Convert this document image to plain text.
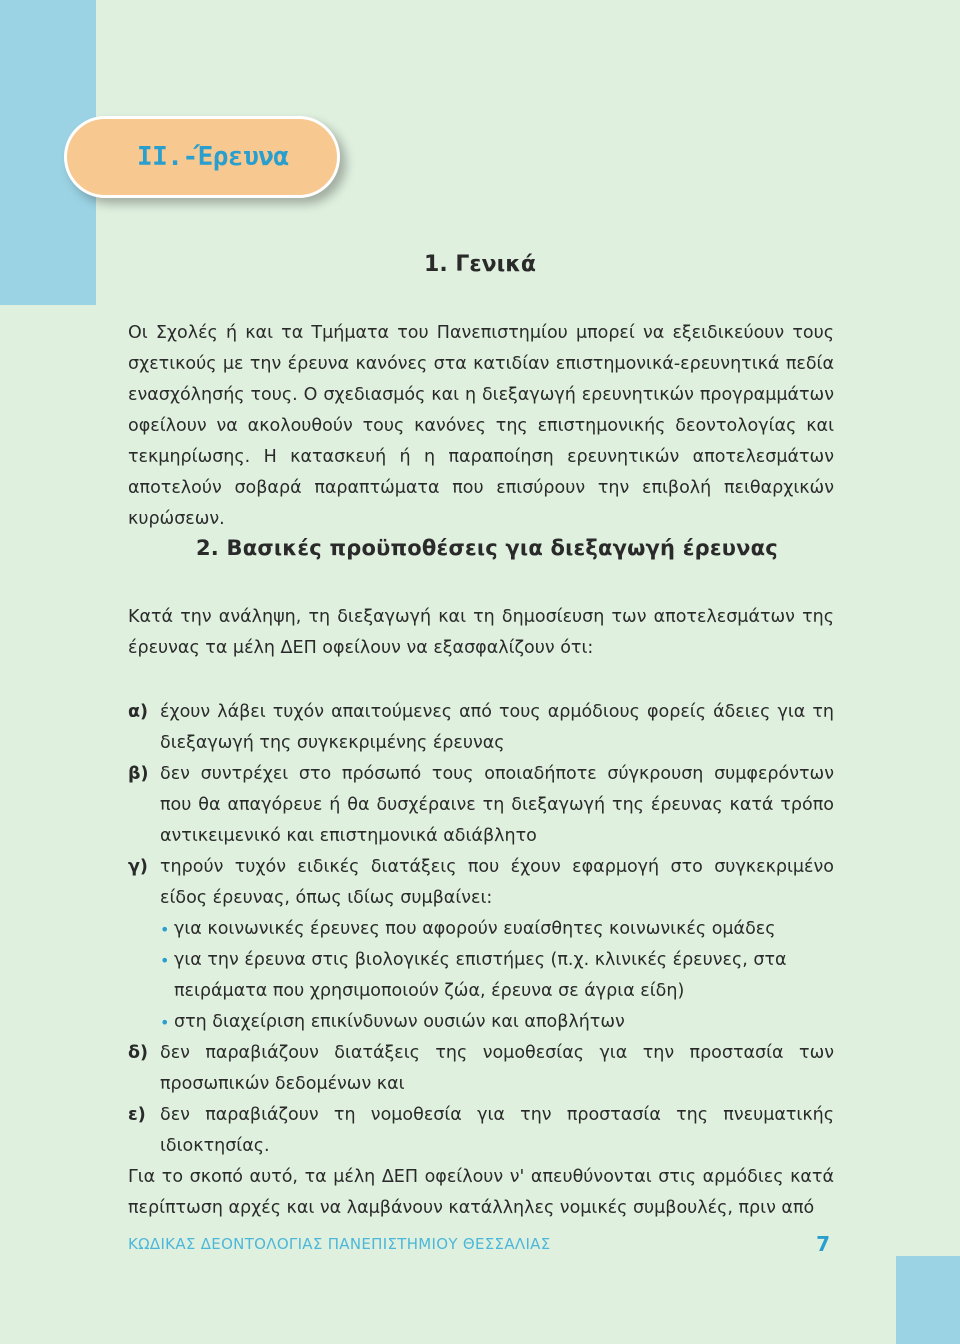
ΙΙ.-Έρευνα
1. Γενικά
Οι Σχολές ή και τα Τμήματα του Πανεπιστημίου μπορεί να εξειδικεύουν τους σχετικούς με την έρευνα κανόνες στα κατιδίαν επιστημονικά-ερευνητικά πεδία ενασχόλησής τους. Ο σχεδιασμός και η διεξαγωγή ερευνητικών προγραμμάτων οφείλουν να ακολουθούν τους κανόνες της επιστημονικής δεοντολογίας και τεκμηρίωσης. Η κατασκευή ή η παραποίηση ερευνητικών αποτελεσμάτων αποτελούν σοβαρά παραπτώματα που επισύρουν την επιβολή πειθαρχικών κυρώσεων.
2. Βασικές προϋποθέσεις για διεξαγωγή έρευνας
Κατά την ανάληψη, τη διεξαγωγή και τη δημοσίευση των αποτελεσμάτων της έρευνας τα μέλη ΔΕΠ οφείλουν να εξασφαλίζουν ότι:
α) έχουν λάβει τυχόν απαιτούμενες από τους αρμόδιους φορείς άδειες για τη διεξαγωγή της συγκεκριμένης έρευνας
β) δεν συντρέχει στο πρόσωπό τους οποιαδήποτε σύγκρουση συμφερόντων που θα απαγόρευε ή θα δυσχέραινε τη διεξαγωγή της έρευνας κατά τρόπο αντικειμενικό και επιστημονικά αδιάβλητο
γ) τηρούν τυχόν ειδικές διατάξεις που έχουν εφαρμογή στο συγκεκριμένο είδος έρευνας, όπως ιδίως συμβαίνει:
• για κοινωνικές έρευνες που αφορούν ευαίσθητες κοινωνικές ομάδες
• για την έρευνα στις βιολογικές επιστήμες (π.χ. κλινικές έρευνες, στα πειράματα που χρησιμοποιούν ζώα, έρευνα σε άγρια είδη)
• στη διαχείριση επικίνδυνων ουσιών και αποβλήτων
δ) δεν παραβιάζουν διατάξεις της νομοθεσίας για την προστασία των προσωπικών δεδομένων και
ε) δεν παραβιάζουν τη νομοθεσία για την προστασία της πνευματικής ιδιοκτησίας.
Για το σκοπό αυτό, τα μέλη ΔΕΠ οφείλουν ν' απευθύνονται στις αρμόδιες κατά περίπτωση αρχές και να λαμβάνουν κατάλληλες νομικές συμβουλές, πριν από
ΚΩΔΙΚΑΣ ΔΕΟΝΤΟΛΟΓΙΑΣ ΠΑΝΕΠΙΣΤΗΜΙΟΥ ΘΕΣΣΑΛΙΑΣ	7
